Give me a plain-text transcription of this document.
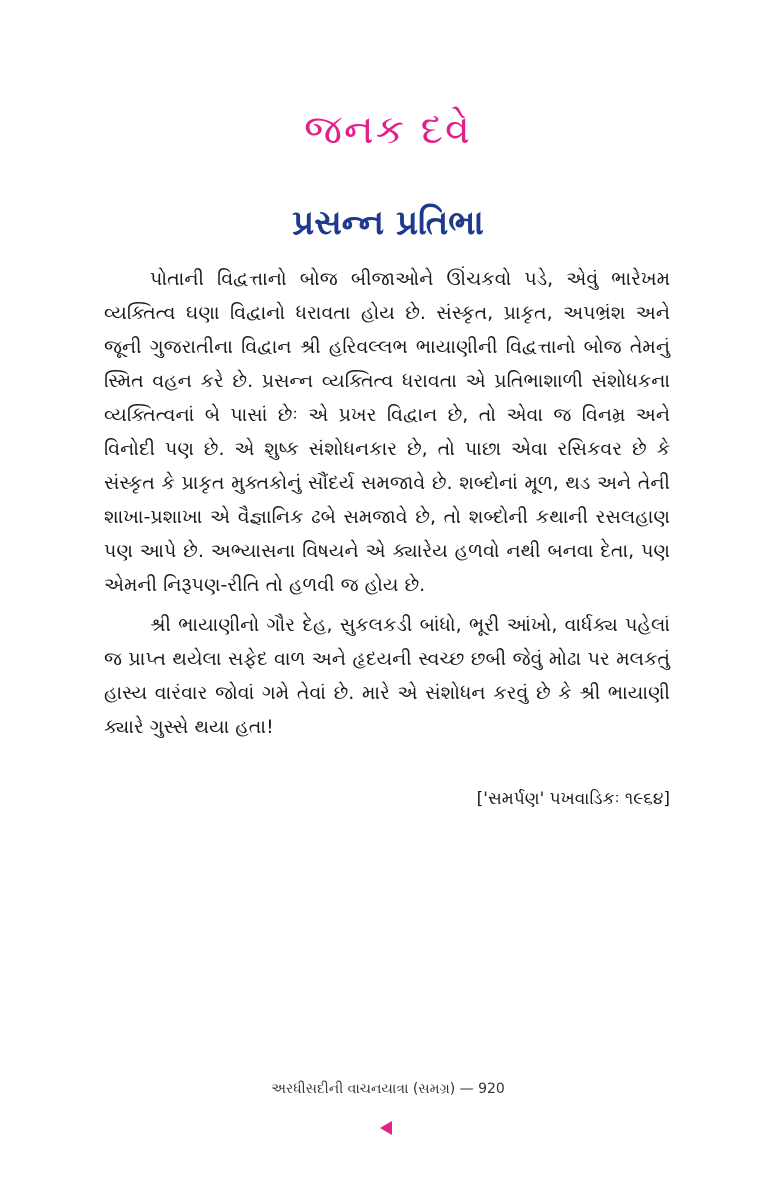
જનક દવે
પ્રસન્ન પ્રતિભા

પોતાની વિદ્વત્તાનો બોજ બીજાઓને ઊંચકવો પડે, એવું ભારેખમ વ્યક્તિત્વ ઘણા વિદ્વાનો ધરાવતા હોય છે. સંસ્કૃત, પ્રાકૃત, અપભ્રંશ અને જૂની ગુજરાતીના વિદ્વાન શ્રી હરિવલ્લભ ભાયાણીની વિદ્વત્તાનો બોજ તેમનું સ્મિત વહન કરે છે. પ્રસન્ન વ્યક્તિત્વ ધરાવતા એ પ્રતિભાશાળી સંશોધકના વ્યક્તિત્વનાં બે પાસાં છેઃ એ પ્રખર વિદ્વાન છે, તો એવા જ વિનમ્ર અને વિનોદી પણ છે. એ શુષ્ક સંશોધનકાર છે, તો પાછા એવા રસિકવર છે કે સંસ્કૃત કે પ્રાકૃત મુક્તકોનું સૌંદર્ય સમજાવે છે. શબ્દોનાં મૂળ, થડ અને તેની શાખા-પ્રશાખા એ વૈજ્ઞાનિક ઢબે સમજાવે છે, તો શબ્દોની કથાની રસલહાણ પણ આપે છે. અભ્યાસના વિષયને એ ક્યારેય હળવો નથી બનવા દેતા, પણ એમની નિરૂપણ-રીતિ તો હળવી જ હોય છે.

શ્રી ભાયાણીનો ગૌર દેહ, સુકલકડી બાંધો, ભૂરી આંખો, વાર્ધક્ય પહેલાં જ પ્રાપ્ત થયેલા સફેદ વાળ અને હૃદયની સ્વચ્છ છબી જેવું મોઢા પર મલકતું હાસ્ય વારંવાર જોવાં ગમે તેવાં છે. મારે એ સંશોધન કરવું છે કે શ્રી ભાયાણી ક્યારે ગુસ્સે થયા હતા!

['સમર્પણ' પખવાડિકઃ ૧૯૬૪]
અરધીસદીની વાચનયાત્રા (સમગ્ર) — 920
